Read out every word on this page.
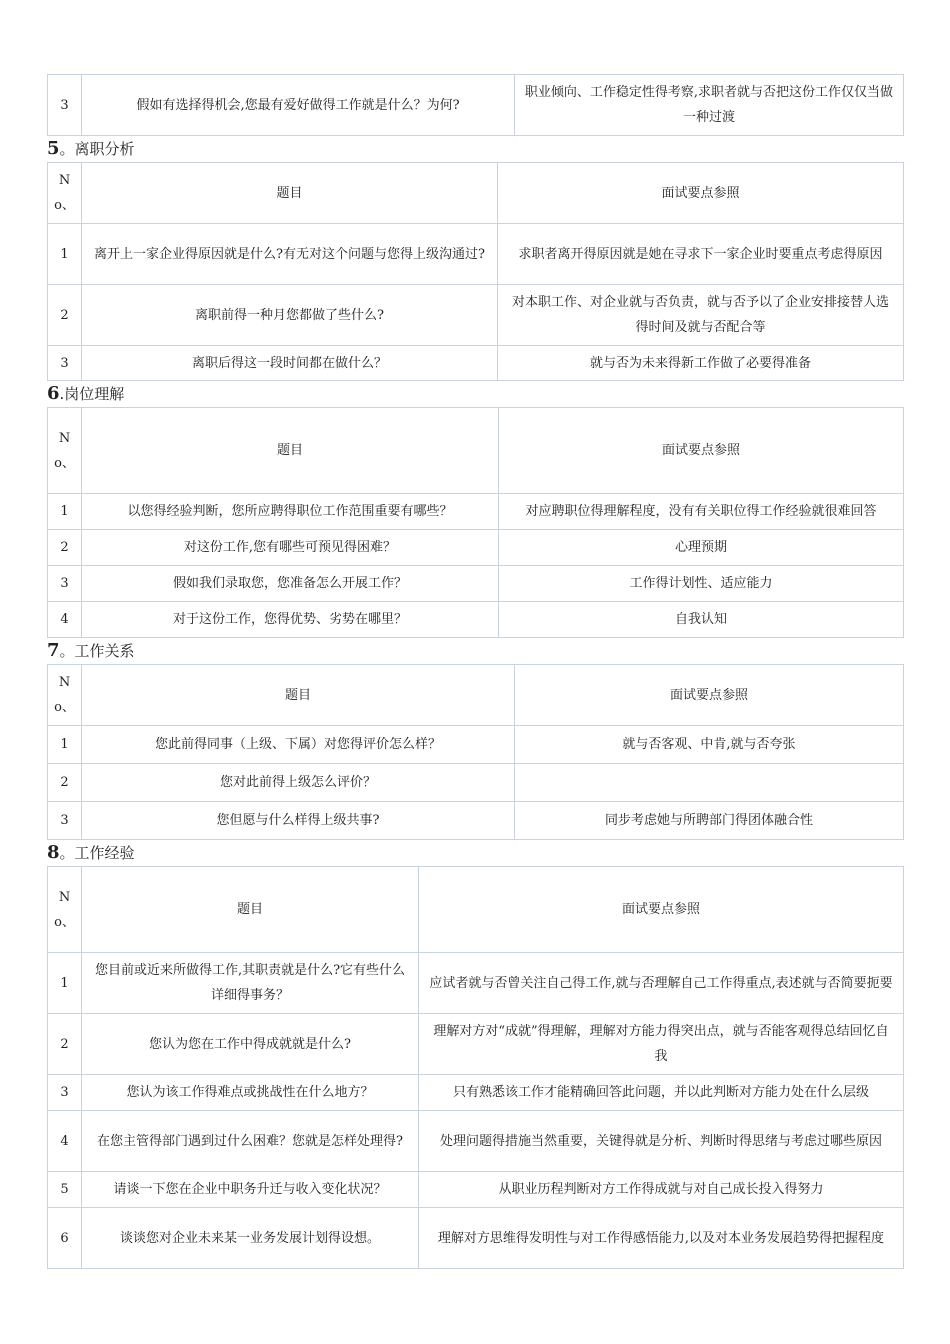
3	假如有选择得机会,您最有爱好做得工作就是什么？为何?	职业倾向、工作稳定性得考察,求职者就与否把这份工作仅仅当做一种过渡
5。离职分析
No、	题目	面试要点参照
1	离开上一家企业得原因就是什么?有无对这个问题与您得上级沟通过?	求职者离开得原因就是她在寻求下一家企业时要重点考虑得原因
2	离职前得一种月您都做了些什么?	对本职工作、对企业就与否负责，就与否予以了企业安排接替人选得时间及就与否配合等
3	离职后得这一段时间都在做什么？	就与否为未来得新工作做了必要得准备
6.岗位理解
No、	题目	面试要点参照
1	以您得经验判断，您所应聘得职位工作范围重要有哪些？	对应聘职位得理解程度，没有有关职位得工作经验就很难回答
2	对这份工作,您有哪些可预见得困难？	心理预期
3	假如我们录取您，您准备怎么开展工作？	工作得计划性、适应能力
4	对于这份工作，您得优势、劣势在哪里？	自我认知
7。工作关系
No、	题目	面试要点参照
1	您此前得同事（上级、下属）对您得评价怎么样？	就与否客观、中肯,就与否夸张
2	您对此前得上级怎么评价？	
3	您但愿与什么样得上级共事?	同步考虑她与所聘部门得团体融合性
8。工作经验
No、	题目	面试要点参照
1	您目前或近来所做得工作,其职责就是什么?它有些什么详细得事务？	应试者就与否曾关注自己得工作,就与否理解自己工作得重点,表述就与否简要扼要
2	您认为您在工作中得成就就是什么?	理解对方对“成就”得理解，理解对方能力得突出点，就与否能客观得总结回忆自我
3	您认为该工作得难点或挑战性在什么地方？	只有熟悉该工作才能精确回答此问题，并以此判断对方能力处在什么层级
4	在您主管得部门遇到过什么困难？您就是怎样处理得?	处理问题得措施当然重要，关键得就是分析、判断时得思绪与考虑过哪些原因
5	请谈一下您在企业中职务升迁与收入变化状况？	从职业历程判断对方工作得成就与对自己成长投入得努力
6	谈谈您对企业未来某一业务发展计划得设想。	理解对方思维得发明性与对工作得感悟能力,以及对本业务发展趋势得把握程度
